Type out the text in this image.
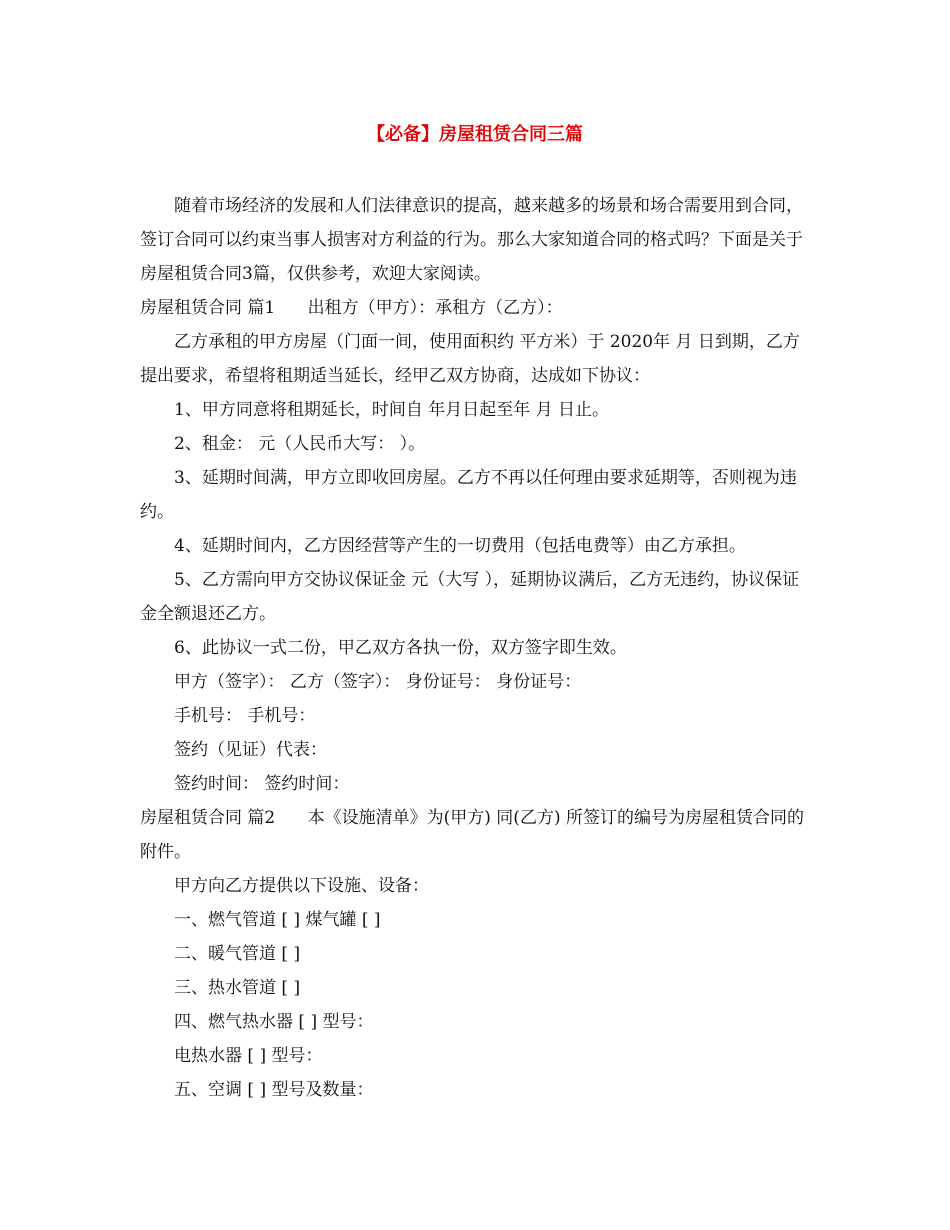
【必备】房屋租赁合同三篇

随着市场经济的发展和人们法律意识的提高，越来越多的场景和场合需要用到合同，签订合同可以约束当事人损害对方利益的行为。那么大家知道合同的格式吗？下面是关于房屋租赁合同3篇，仅供参考，欢迎大家阅读。

房屋租赁合同 篇1      出租方（甲方）：承租方（乙方）：

乙方承租的甲方房屋（门面一间，使用面积约 平方米）于 2020年 月 日到期，乙方提出要求，希望将租期适当延长，经甲乙双方协商，达成如下协议：

1、甲方同意将租期延长，时间自 年月日起至年 月 日止。

2、租金： 元（人民币大写： ）。

3、延期时间满，甲方立即收回房屋。乙方不再以任何理由要求延期等，否则视为违约。

4、延期时间内，乙方因经营等产生的一切费用（包括电费等）由乙方承担。

5、乙方需向甲方交协议保证金 元（大写 ），延期协议满后，乙方无违约，协议保证金全额退还乙方。

6、此协议一式二份，甲乙双方各执一份，双方签字即生效。

甲方（签字）： 乙方（签字）： 身份证号： 身份证号：

手机号： 手机号：

签约（见证）代表：

签约时间： 签约时间：

房屋租赁合同 篇2      本《设施清单》为(甲方) 同(乙方) 所签订的编号为房屋租赁合同的附件。

甲方向乙方提供以下设施、设备：

一、燃气管道 [ ] 煤气罐 [ ]

二、暖气管道 [ ]

三、热水管道 [ ]

四、燃气热水器 [ ] 型号：

电热水器 [ ] 型号：

五、空调 [ ] 型号及数量：
